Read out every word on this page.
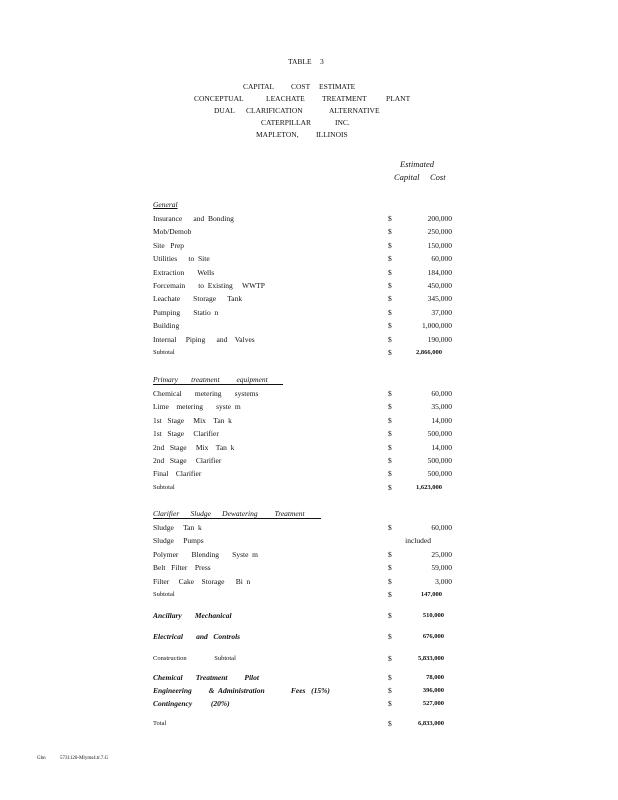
TABLE 3
CAPITAL COST ESTIMATE
CONCEPTUAL	LEACHATE TREATMENT	PLANT
DUAL CLARIFICATION	ALTERNATIVE
CATERPILLAR	INC.
MAPLETON, ILLINOIS
Estimated
Capital Cost
General
Insurance      and  Bonding	$	200,000
Mob/Demob	$	250,000
Site   Prep	$	150,000
Utilities      to  Site	$	60,000
Extraction       Wells	$	184,000
Forcemain       to  Existing     WWTP	$	450,000
Leachate       Storage      Tank	$	345,000
Pumping       Statio  n	$	37,000
Building	$	1,000,000
Internal     Piping      and    Valves	$	190,000
Subtotal	$	2,866,000
Primary       treatment         equipment
Chemical       metering       systems	$	60,000
Lime    metering       syste  m	$	35,000
1st   Stage     Mix    Tan  k	$	14,000
1st   Stage     Clarifier	$	500,000
2nd   Stage     Mix    Tan  k	$	14,000
2nd   Stage     Clarifier	$	500,000
Final    Clarifier	$	500,000
Subtotal	$	1,623,000
Clarifier      Sludge      Dewatering         Treatment
Sludge     Tan  k	$	60,000
Sludge     Pumps	included
Polymer       Blending       Syste  m	$	25,000
Belt   Filter    Press	$	59,000
Filter     Cake    Storage      Bi  n	$	3,000
Subtotal	$	147,000
Ancillary       Mechanical	$	510,000
Electrical       and   Controls	$	676,000
Construction                 Subtotal	$	5,833,000
Chemical       Treatment         Pilot	$	78,000
Engineering         &  Administration              Fees   (15%)	$	396,000
Contingency          (20%)	$	527,000
Total	$	6,833,000
Gbn	5731120-Mlyms4.tr.7.G
